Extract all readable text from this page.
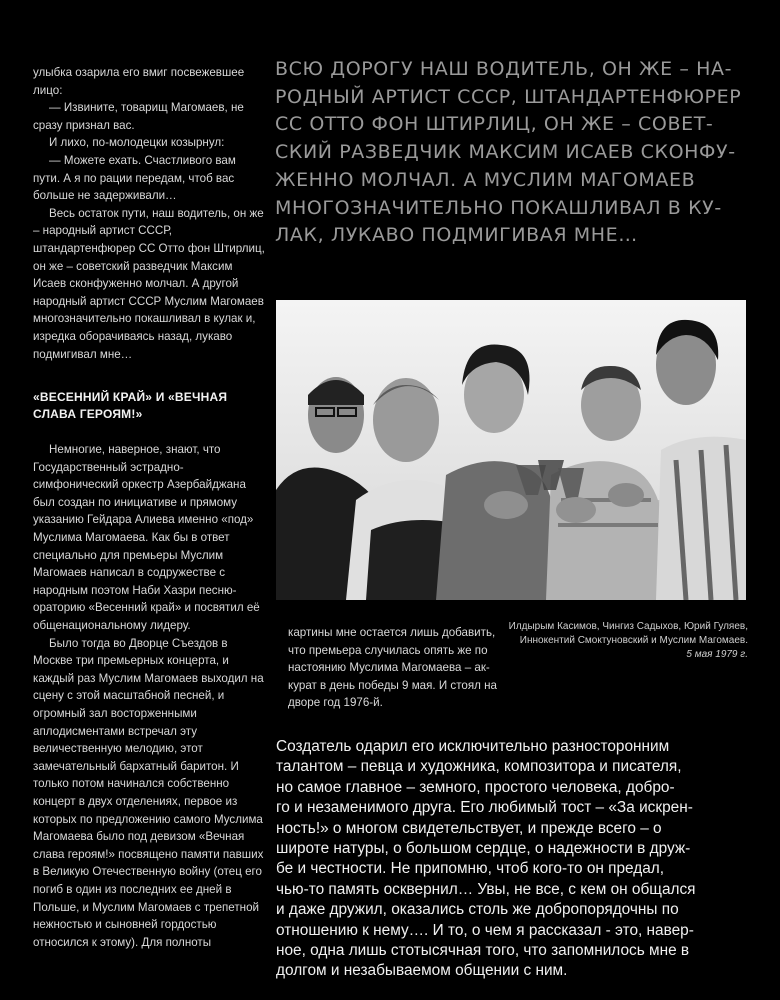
улыбка озарила его вмиг посвежевшее лицо:

— Извините, товарищ Магомаев, не сразу признал вас.

И лихо, по-молодецки козырнул:

— Можете ехать. Счастливого вам пути. А я по рации передам, чтоб вас больше не задерживали…

Весь остаток пути, наш водитель, он же – народный артист СССР, штандартенфюрер СС Отто фон Штирлиц, он же – советский разведчик Максим Исаев сконфуженно молчал. А другой народный артист СССР Муслим Магомаев многозначительно покашливал в кулак и, изредка оборачиваясь назад, лукаво подмигивал мне…

«ВЕСЕННИЙ КРАЙ» И «ВЕЧНАЯ СЛАВА ГЕРОЯМ!»

Немногие, наверное, знают, что Государственный эстрадно-симфонический оркестр Азербайджана был создан по инициативе и прямому указанию Гейдара Алиева именно «под» Муслима Магомаева. Как бы в ответ специально для премьеры Муслим Магомаев написал в содружестве с народным поэтом Наби Хазри песню-ораторию «Весенний край» и посвятил её общенациональному лидеру.

Было тогда во Дворце Съездов в Москве три премьерных концерта, и каждый раз Муслим Магомаев выходил на сцену с этой масштабной песней, и огромный зал восторженными аплодисментами встречал эту величественную мелодию, этот замечательный бархатный баритон. И только потом начинался собственно концерт в двух отделениях, первое из которых по предложению самого Муслима Магомаева было под девизом «Вечная слава героям!» посвящено памяти павших в Великую Отечественную войну (отец его погиб в один из последних ее дней в Польше, и Муслим Магомаев с трепетной нежностью и сыновней гордостью относился к этому). Для полноты

ВСЮ ДОРОГУ НАШ ВОДИТЕЛЬ, ОН ЖЕ – НА-
РОДНЫЙ АРТИСТ СССР, ШТАНДАРТЕНФЮРЕР
СС ОТТО ФОН ШТИРЛИЦ, ОН ЖЕ – СОВЕТ-
СКИЙ РАЗВЕДЧИК МАКСИМ ИСАЕВ СКОНФУ-
ЖЕННО МОЛЧАЛ. А МУСЛИМ МАГОМАЕВ
МНОГОЗНАЧИТЕЛЬНО ПОКАШЛИВАЛ В КУ-
ЛАК, ЛУКАВО ПОДМИГИВАЯ МНЕ…
Илдырым Касимов, Чингиз Садыхов, Юрий Гуляев,
Иннокентий Смоктуновский и Муслим Магомаев.
5 мая 1979 г.
картины мне остается лишь добавить,
что премьера случилась опять же по
настоянию Муслима Магомаева – ак-
курат в день победы 9 мая. И стоял на
дворе год 1976-й.
Создатель одарил его исключительно разносторонним
талантом – певца и художника, композитора и писателя,
но самое главное – земного, простого человека, добро-
го и незаменимого друга. Его любимый тост – «За искрен-
ность!» о многом свидетельствует, и прежде всего – о
широте натуры, о большом сердце, о надежности в друж-
бе и честности. Не припомню, чтоб кого-то он предал,
чью-то память осквернил… Увы, не все, с кем он общался
и даже дружил, оказались столь же добропорядочны по
отношению к нему…. И то, о чем я рассказал - это, навер-
ное, одна лишь стотысячная того, что запомнилось мне в
долгом и незабываемом общении с ним.
